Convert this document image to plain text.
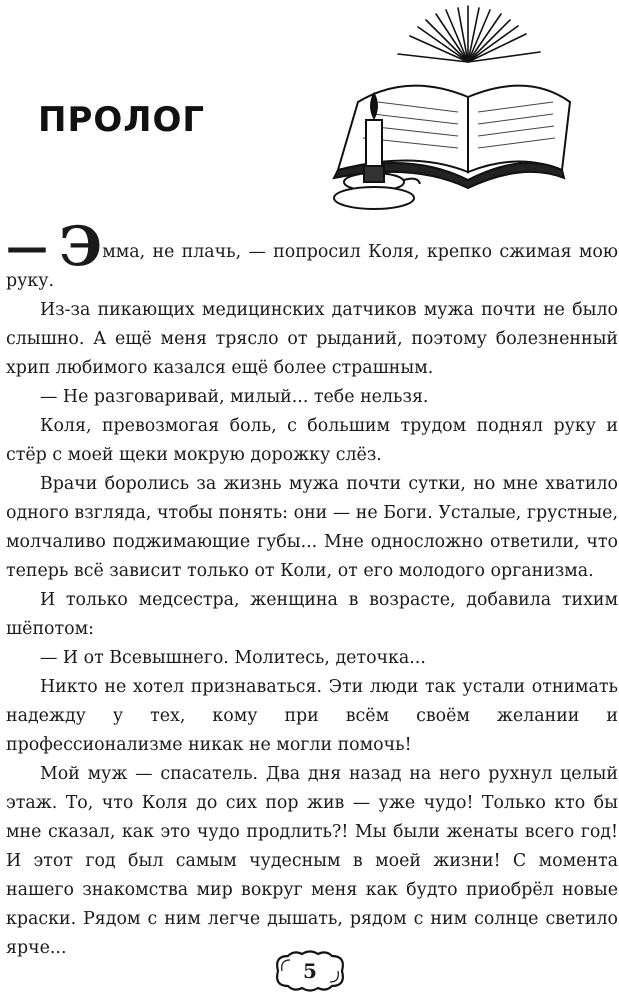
ПРОЛОГ

— Эмма, не плачь, — попросил Коля, крепко сжимая мою руку.

Из-за пикающих медицинских датчиков мужа почти не было слышно. А ещё меня трясло от рыданий, поэтому болезненный хрип любимого казался ещё более страшным.

— Не разговаривай, милый... тебе нельзя.

Коля, превозмогая боль, с большим трудом поднял руку и стёр с моей щеки мокрую дорожку слёз.

Врачи боролись за жизнь мужа почти сутки, но мне хватило одного взгляда, чтобы понять: они — не Боги. Усталые, грустные, молчаливо поджимающие губы... Мне односложно ответили, что теперь всё зависит только от Коли, от его молодого организма.

И только медсестра, женщина в возрасте, добавила тихим шёпотом:

— И от Всевышнего. Молитесь, деточка...

Никто не хотел признаваться. Эти люди так устали отнимать надежду у тех, кому при всём своём желании и профессионализме никак не могли помочь!

Мой муж — спасатель. Два дня назад на него рухнул целый этаж. То, что Коля до сих пор жив — уже чудо! Только кто бы мне сказал, как это чудо продлить?! Мы были женаты всего год! И этот год был самым чудесным в моей жизни! С момента нашего знакомства мир вокруг меня как будто приобрёл новые краски. Рядом с ним легче дышать, рядом с ним солнце светило ярче...

5
